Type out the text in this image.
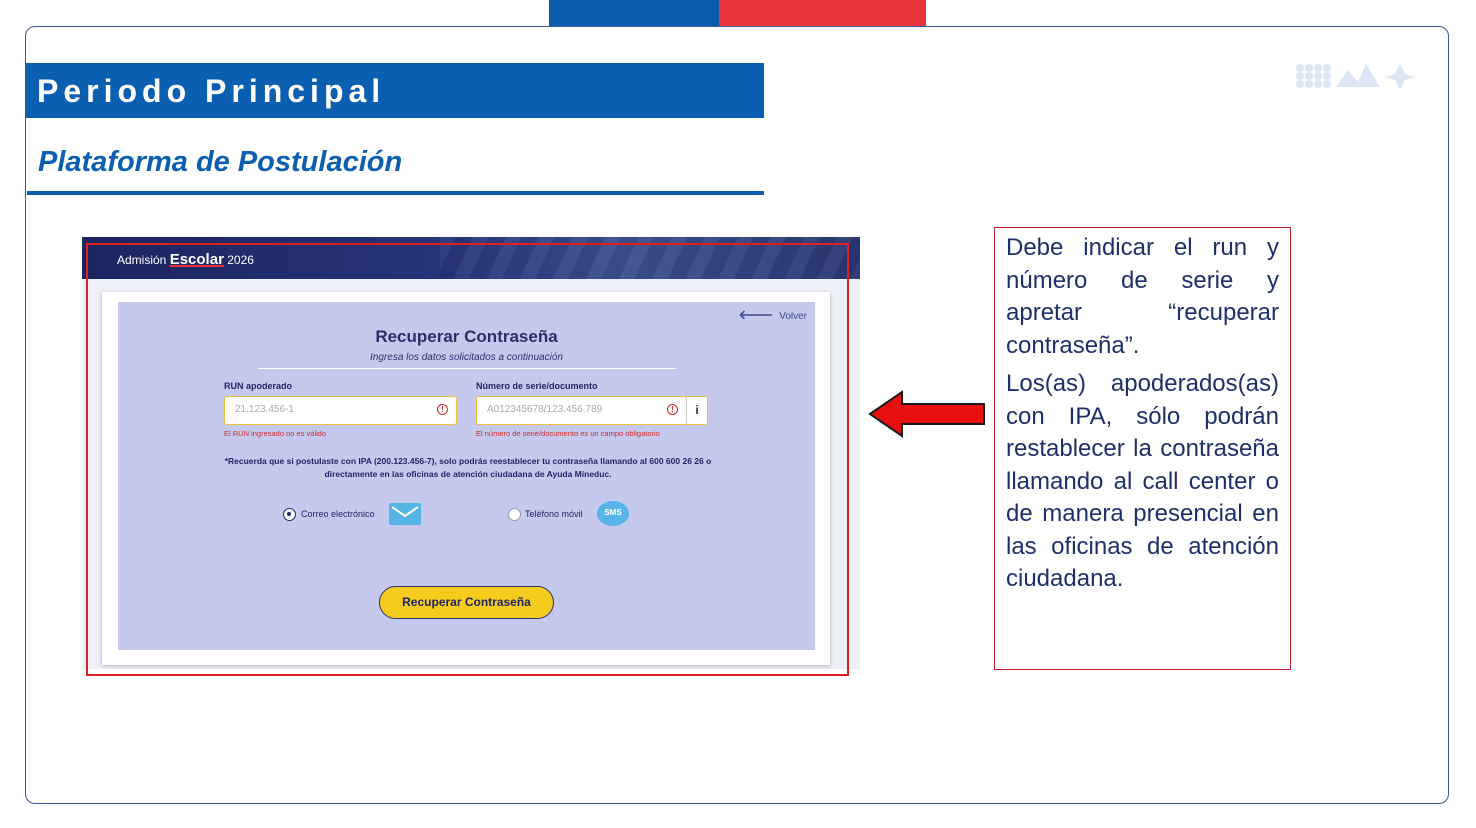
Periodo Principal
Plataforma de Postulación
Admisión Escolar 2026
🡐 Volver
Recuperar Contraseña
Ingresa los datos solicitados a continuación
RUN apoderado
21.123.456-1	!
El RUN ingresado no es válido
Número de serie/documento
A012345678/123.456.789	!	i
El número de serie/documento es un campo obligatorio
*Recuerda que si postulaste con IPA (200.123.456-7), solo podrás reestablecer tu contraseña llamando al 600 600 26 26 o directamente en las oficinas de atención ciudadana de Ayuda Mineduc.
Correo electrónico	Teléfono móvil	SMS
Recuperar Contraseña

Debe indicar el run y número de serie y apretar “recuperar contraseña”.

Los(as) apoderados(as) con IPA, sólo podrán restablecer la contraseña llamando al call center o de manera presencial en las oficinas de atención ciudadana.
